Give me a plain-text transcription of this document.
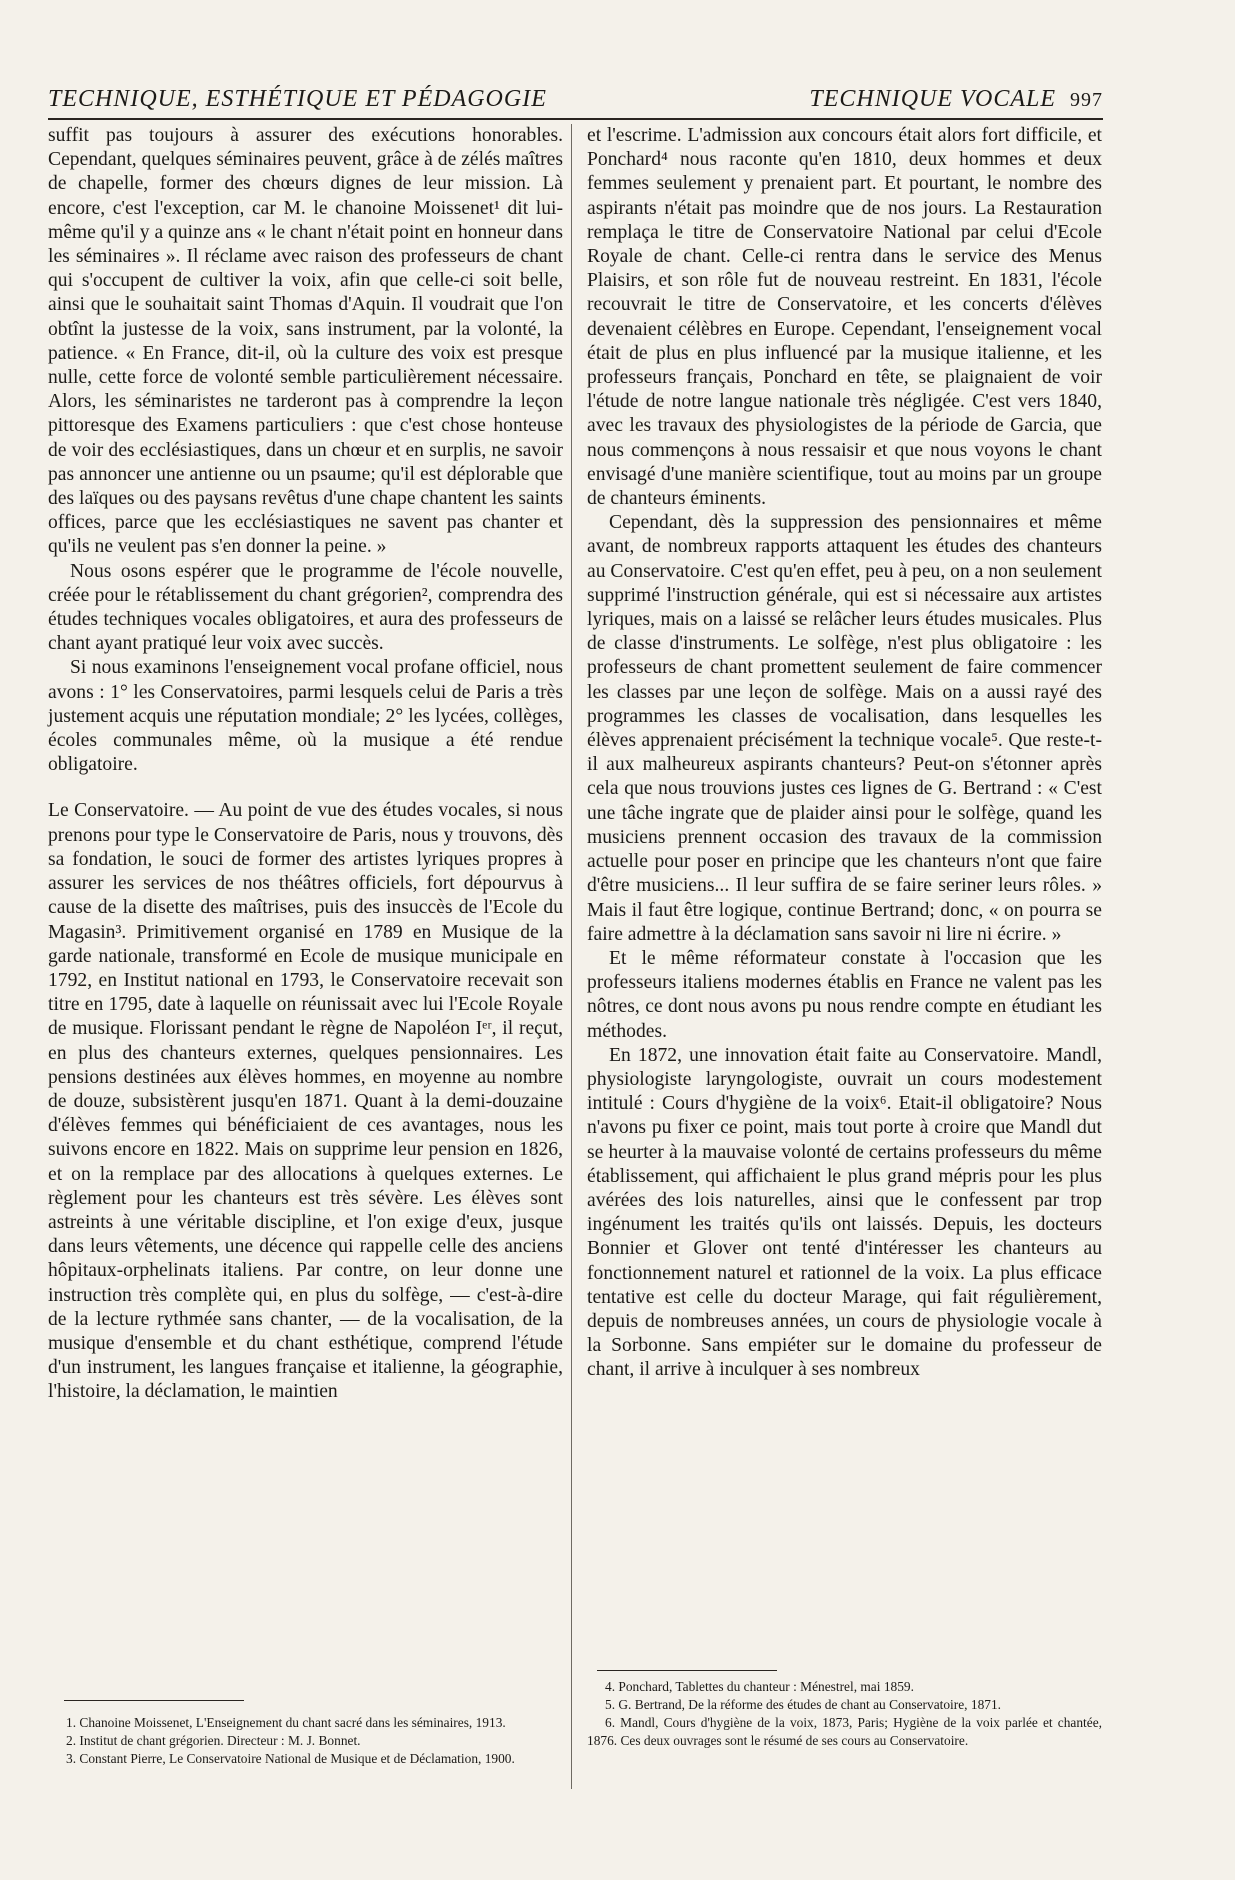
TECHNIQUE, ESTHÉTIQUE ET PÉDAGOGIE	TECHNIQUE VOCALE 997

suffit pas toujours à assurer des exécutions honorables. Cependant, quelques séminaires peuvent, grâce à de zélés maîtres de chapelle, former des chœurs dignes de leur mission. Là encore, c'est l'exception, car M. le chanoine Moissenet¹ dit lui-même qu'il y a quinze ans « le chant n'était point en honneur dans les séminaires ». Il réclame avec raison des professeurs de chant qui s'occupent de cultiver la voix, afin que celle-ci soit belle, ainsi que le souhaitait saint Thomas d'Aquin. Il voudrait que l'on obtînt la justesse de la voix, sans instrument, par la volonté, la patience. « En France, dit-il, où la culture des voix est presque nulle, cette force de volonté semble particulièrement nécessaire. Alors, les séminaristes ne tarderont pas à comprendre la leçon pittoresque des Examens particuliers : que c'est chose honteuse de voir des ecclésiastiques, dans un chœur et en surplis, ne savoir pas annoncer une antienne ou un psaume; qu'il est déplorable que des laïques ou des paysans revêtus d'une chape chantent les saints offices, parce que les ecclésiastiques ne savent pas chanter et qu'ils ne veulent pas s'en donner la peine. »

Nous osons espérer que le programme de l'école nouvelle, créée pour le rétablissement du chant grégorien², comprendra des études techniques vocales obligatoires, et aura des professeurs de chant ayant pratiqué leur voix avec succès.

Si nous examinons l'enseignement vocal profane officiel, nous avons : 1° les Conservatoires, parmi lesquels celui de Paris a très justement acquis une réputation mondiale; 2° les lycées, collèges, écoles communales même, où la musique a été rendue obligatoire.

Le Conservatoire. — Au point de vue des études vocales, si nous prenons pour type le Conservatoire de Paris, nous y trouvons, dès sa fondation, le souci de former des artistes lyriques propres à assurer les services de nos théâtres officiels, fort dépourvus à cause de la disette des maîtrises, puis des insuccès de l'Ecole du Magasin³. Primitivement organisé en 1789 en Musique de la garde nationale, transformé en Ecole de musique municipale en 1792, en Institut national en 1793, le Conservatoire recevait son titre en 1795, date à laquelle on réunissait avec lui l'Ecole Royale de musique. Florissant pendant le règne de Napoléon Iᵉʳ, il reçut, en plus des chanteurs externes, quelques pensionnaires. Les pensions destinées aux élèves hommes, en moyenne au nombre de douze, subsistèrent jusqu'en 1871. Quant à la demi-douzaine d'élèves femmes qui bénéficiaient de ces avantages, nous les suivons encore en 1822. Mais on supprime leur pension en 1826, et on la remplace par des allocations à quelques externes. Le règlement pour les chanteurs est très sévère. Les élèves sont astreints à une véritable discipline, et l'on exige d'eux, jusque dans leurs vêtements, une décence qui rappelle celle des anciens hôpitaux-orphelinats italiens. Par contre, on leur donne une instruction très complète qui, en plus du solfège, — c'est-à-dire de la lecture rythmée sans chanter, — de la vocalisation, de la musique d'ensemble et du chant esthétique, comprend l'étude d'un instrument, les langues française et italienne, la géographie, l'histoire, la déclamation, le maintien

et l'escrime. L'admission aux concours était alors fort difficile, et Ponchard⁴ nous raconte qu'en 1810, deux hommes et deux femmes seulement y prenaient part. Et pourtant, le nombre des aspirants n'était pas moindre que de nos jours. La Restauration remplaça le titre de Conservatoire National par celui d'Ecole Royale de chant. Celle-ci rentra dans le service des Menus Plaisirs, et son rôle fut de nouveau restreint. En 1831, l'école recouvrait le titre de Conservatoire, et les concerts d'élèves devenaient célèbres en Europe. Cependant, l'enseignement vocal était de plus en plus influencé par la musique italienne, et les professeurs français, Ponchard en tête, se plaignaient de voir l'étude de notre langue nationale très négligée. C'est vers 1840, avec les travaux des physiologistes de la période de Garcia, que nous commençons à nous ressaisir et que nous voyons le chant envisagé d'une manière scientifique, tout au moins par un groupe de chanteurs éminents.

Cependant, dès la suppression des pensionnaires et même avant, de nombreux rapports attaquent les études des chanteurs au Conservatoire. C'est qu'en effet, peu à peu, on a non seulement supprimé l'instruction générale, qui est si nécessaire aux artistes lyriques, mais on a laissé se relâcher leurs études musicales. Plus de classe d'instruments. Le solfège, n'est plus obligatoire : les professeurs de chant promettent seulement de faire commencer les classes par une leçon de solfège. Mais on a aussi rayé des programmes les classes de vocalisation, dans lesquelles les élèves apprenaient précisément la technique vocale⁵. Que reste-t-il aux malheureux aspirants chanteurs? Peut-on s'étonner après cela que nous trouvions justes ces lignes de G. Bertrand : « C'est une tâche ingrate que de plaider ainsi pour le solfège, quand les musiciens prennent occasion des travaux de la commission actuelle pour poser en principe que les chanteurs n'ont que faire d'être musiciens... Il leur suffira de se faire seriner leurs rôles. » Mais il faut être logique, continue Bertrand; donc, « on pourra se faire admettre à la déclamation sans savoir ni lire ni écrire. »

Et le même réformateur constate à l'occasion que les professeurs italiens modernes établis en France ne valent pas les nôtres, ce dont nous avons pu nous rendre compte en étudiant les méthodes.

En 1872, une innovation était faite au Conservatoire. Mandl, physiologiste laryngologiste, ouvrait un cours modestement intitulé : Cours d'hygiène de la voix⁶. Etait-il obligatoire? Nous n'avons pu fixer ce point, mais tout porte à croire que Mandl dut se heurter à la mauvaise volonté de certains professeurs du même établissement, qui affichaient le plus grand mépris pour les plus avérées des lois naturelles, ainsi que le confessent par trop ingénument les traités qu'ils ont laissés. Depuis, les docteurs Bonnier et Glover ont tenté d'intéresser les chanteurs au fonctionnement naturel et rationnel de la voix. La plus efficace tentative est celle du docteur Marage, qui fait régulièrement, depuis de nombreuses années, un cours de physiologie vocale à la Sorbonne. Sans empiéter sur le domaine du professeur de chant, il arrive à inculquer à ses nombreux

1. Chanoine Moissenet, L'Enseignement du chant sacré dans les séminaires, 1913.

2. Institut de chant grégorien. Directeur : M. J. Bonnet.

3. Constant Pierre, Le Conservatoire National de Musique et de Déclamation, 1900.

4. Ponchard, Tablettes du chanteur : Ménestrel, mai 1859.

5. G. Bertrand, De la réforme des études de chant au Conservatoire, 1871.

6. Mandl, Cours d'hygiène de la voix, 1873, Paris; Hygiène de la voix parlée et chantée, 1876. Ces deux ouvrages sont le résumé de ses cours au Conservatoire.
